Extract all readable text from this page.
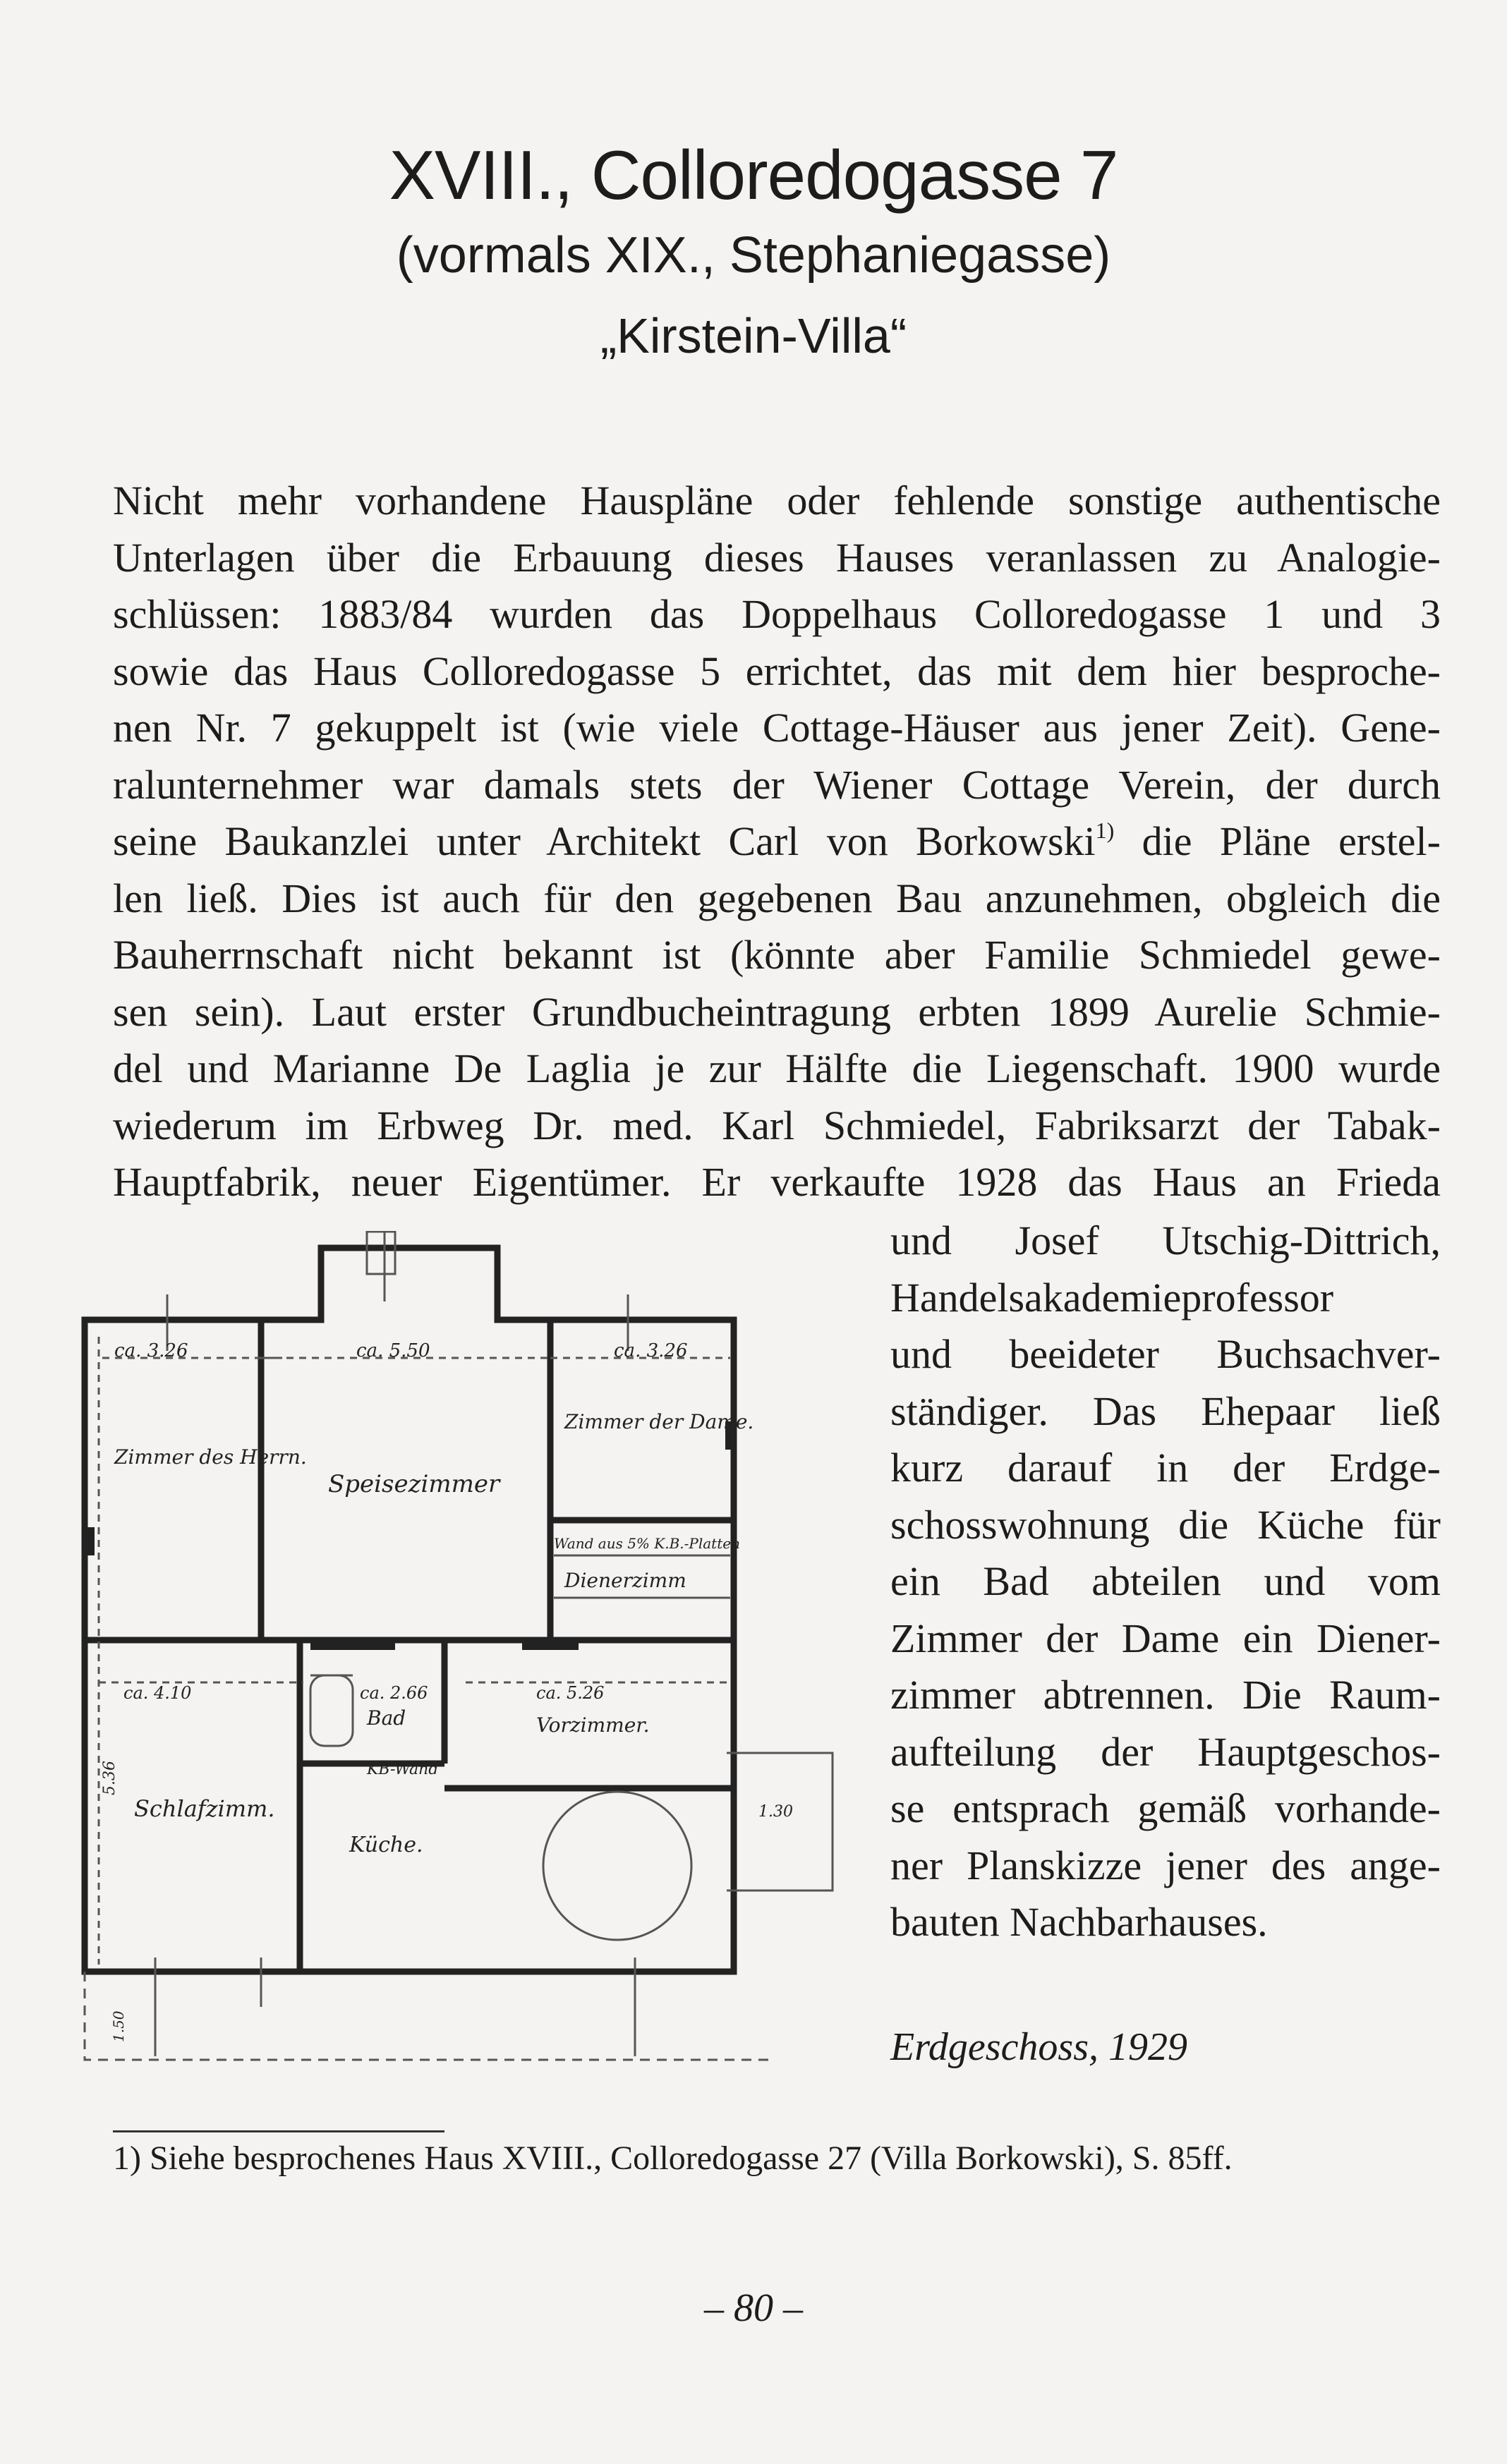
XVIII., Colloredogasse 7
(vormals XIX., Stephaniegasse)
„Kirstein-Villa“
Nicht mehr vorhandene Hauspläne oder fehlende sonstige authentische
Unterlagen über die Erbauung dieses Hauses veranlassen zu Analogie-
schlüssen: 1883/84 wurden das Doppelhaus Colloredogasse 1 und 3
sowie das Haus Colloredogasse 5 errichtet, das mit dem hier besproche-
nen Nr. 7 gekuppelt ist (wie viele Cottage-Häuser aus jener Zeit). Gene-
ralunternehmer war damals stets der Wiener Cottage Verein, der durch
seine Baukanzlei unter Architekt Carl von Borkowski$^{1)}$ die Pläne erstel-
len ließ. Dies ist auch für den gegebenen Bau anzunehmen, obgleich die
Bauherrnschaft nicht bekannt ist (könnte aber Familie Schmiedel gewe-
sen sein). Laut erster Grundbucheintragung erbten 1899 Aurelie Schmie-
del und Marianne De Laglia je zur Hälfte die Liegenschaft. 1900 wurde
wiederum im Erbweg Dr. med. Karl Schmiedel, Fabriksarzt der Tabak-
Hauptfabrik, neuer Eigentümer. Er verkaufte 1928 das Haus an Frieda
ca. 3.26	ca. 5.50	ca. 3.26
Zimmer des Herrn.
Speisezimmer
Zimmer der Dame.
Wand aus 5% K.B.-Platten
Dienerzimm
ca. 4.10	ca. 2.66	ca. 5.26
Bad
KB-Wand
Vorzimmer.
Schlafzimm.
Küche.
5.36
1.30
1.50
und Josef Utschig-Dittrich,
Handelsakademieprofessor
und beeideter Buchsachver-
ständiger. Das Ehepaar ließ
kurz darauf in der Erdge-
schosswohnung die Küche für
ein Bad abteilen und vom
Zimmer der Dame ein Diener-
zimmer abtrennen. Die Raum-
aufteilung der Hauptgeschos-
se entsprach gemäß vorhande-
ner Planskizze jener des ange-
bauten Nachbarhauses.
Erdgeschoss, 1929
1) Siehe besprochenes Haus XVIII., Colloredogasse 27 (Villa Borkowski), S. 85ff.
– 80 –
